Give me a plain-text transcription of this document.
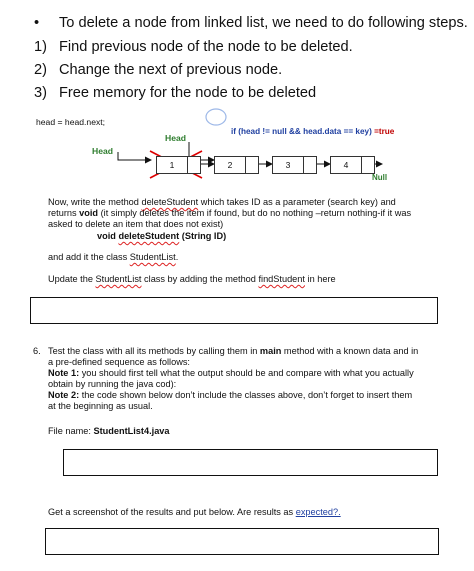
• To delete a node from linked list, we need to do following steps.
1) Find previous node of the node to be deleted.
2) Change the next of previous node.
3) Free memory for the node to be deleted
head = head.next;
Head
Head
if (head != null && head.data == key) =true
1	2	3	4
Null
Now, write the method deleteStudent which takes ID as a parameter (search key) and
returns void (it simply deletes the item if found, but do no nothing –return nothing-if it was
asked to delete an item that does not exist)
void deleteStudent (String ID)
and add it the class StudentList.
Update the StudentList class by adding the method findStudent in here
6. Test the class with all its methods by calling them in main method with a known data and in
a pre-defined sequence as follows:
Note 1: you should first tell what the output should be and compare with what you actually
obtain by running the java cod):
Note 2: the code shown below don’t include the classes above, don’t forget to insert them
at the beginning as usual.
File name: StudentList4.java
Get a screenshot of the results and put below. Are results as expected?.
